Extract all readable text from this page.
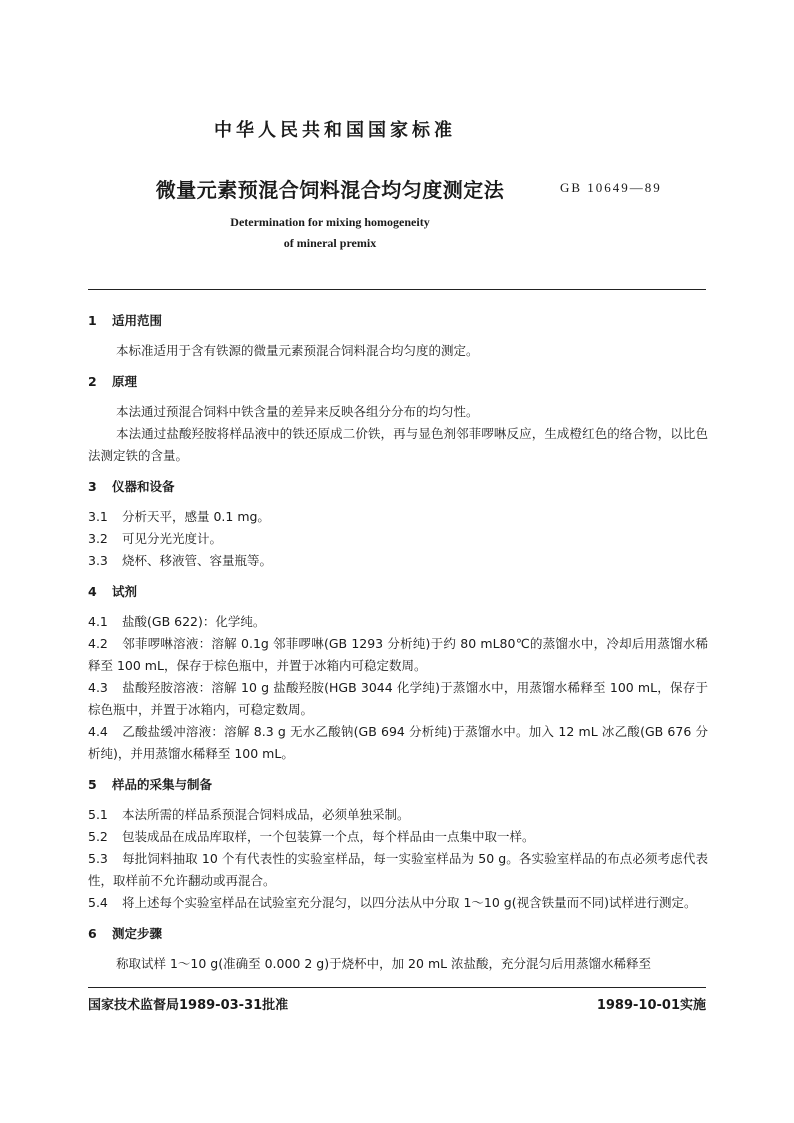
中华人民共和国国家标准
微量元素预混合饲料混合均匀度测定法	GB 10649—89
Determination for mixing homogeneity
of mineral premix
1 适用范围
本标准适用于含有铁源的微量元素预混合饲料混合均匀度的测定。
2 原理
本法通过预混合饲料中铁含量的差异来反映各组分分布的均匀性。
本法通过盐酸羟胺将样品液中的铁还原成二价铁，再与显色剂邻菲啰啉反应，生成橙红色的络合物，以比色法测定铁的含量。
3 仪器和设备
3.1 分析天平，感量 0.1 mg。
3.2 可见分光光度计。
3.3 烧杯、移液管、容量瓶等。
4 试剂
4.1 盐酸(GB 622)：化学纯。
4.2 邻菲啰啉溶液：溶解 0.1g 邻菲啰啉(GB 1293 分析纯)于约 80 mL80℃的蒸馏水中，冷却后用蒸馏水稀释至 100 mL，保存于棕色瓶中，并置于冰箱内可稳定数周。
4.3 盐酸羟胺溶液：溶解 10 g 盐酸羟胺(HGB 3044 化学纯)于蒸馏水中，用蒸馏水稀释至 100 mL，保存于棕色瓶中，并置于冰箱内，可稳定数周。
4.4 乙酸盐缓冲溶液：溶解 8.3 g 无水乙酸钠(GB 694 分析纯)于蒸馏水中。加入 12 mL 冰乙酸(GB 676 分析纯)，并用蒸馏水稀释至 100 mL。
5 样品的采集与制备
5.1 本法所需的样品系预混合饲料成品，必须单独采制。
5.2 包装成品在成品库取样，一个包装算一个点，每个样品由一点集中取一样。
5.3 每批饲料抽取 10 个有代表性的实验室样品，每一实验室样品为 50 g。各实验室样品的布点必须考虑代表性，取样前不允许翻动或再混合。
5.4 将上述每个实验室样品在试验室充分混匀，以四分法从中分取 1～10 g(视含铁量而不同)试样进行测定。
6 测定步骤
称取试样 1～10 g(准确至 0.000 2 g)于烧杯中，加 20 mL 浓盐酸，充分混匀后用蒸馏水稀释至
国家技术监督局1989-03-31批准	1989-10-01实施
